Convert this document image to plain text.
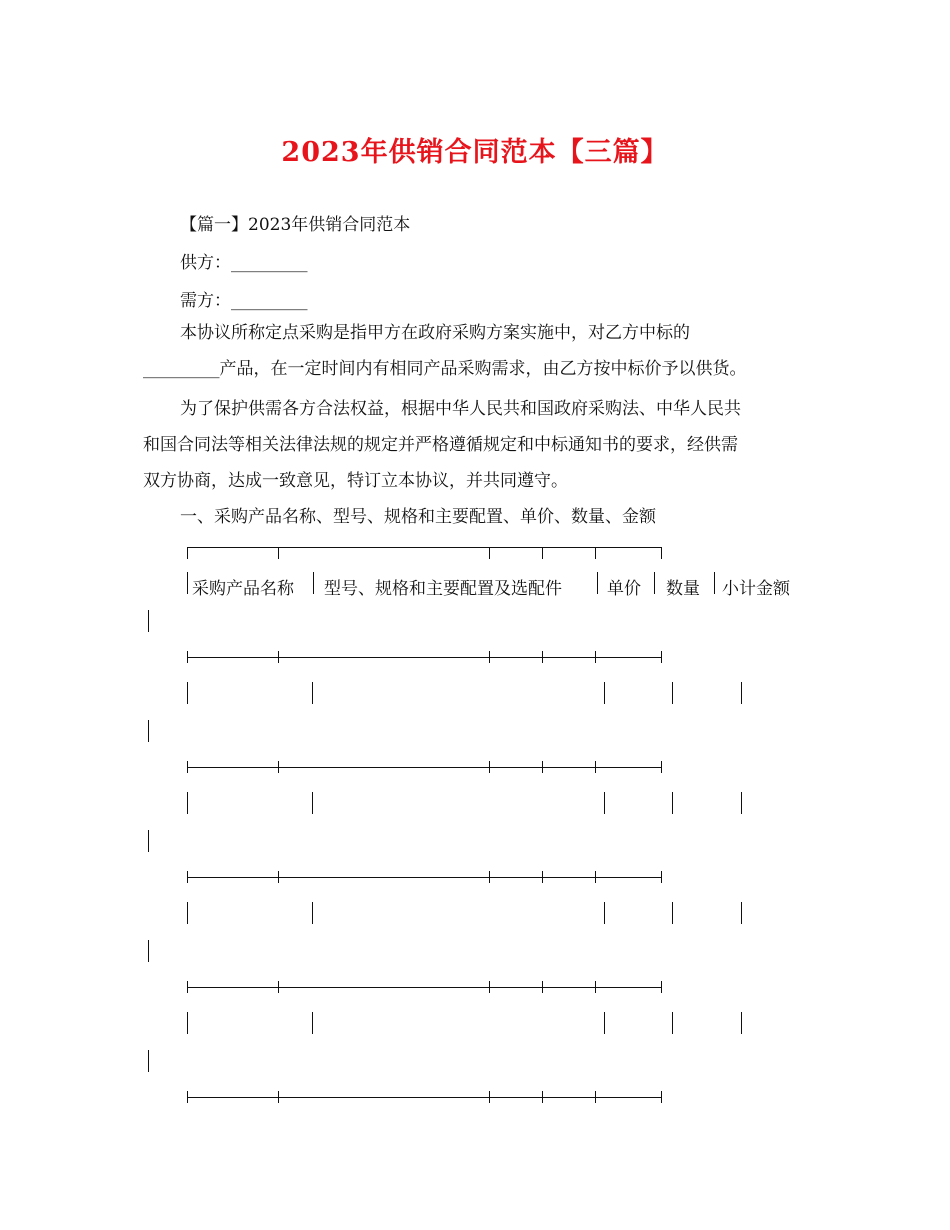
2023年供销合同范本【三篇】
【篇一】2023年供销合同范本
供方：_________
需方：_________
本协议所称定点采购是指甲方在政府采购方案实施中，对乙方中标的
_________产品，在一定时间内有相同产品采购需求，由乙方按中标价予以供货。
为了保护供需各方合法权益，根据中华人民共和国政府采购法、中华人民共
和国合同法等相关法律法规的规定并严格遵循规定和中标通知书的要求，经供需
双方协商，达成一致意见，特订立本协议，并共同遵守。
一、采购产品名称、型号、规格和主要配置、单价、数量、金额
采购产品名称 型号、规格和主要配置及选配件	单价 数量 小计金额
